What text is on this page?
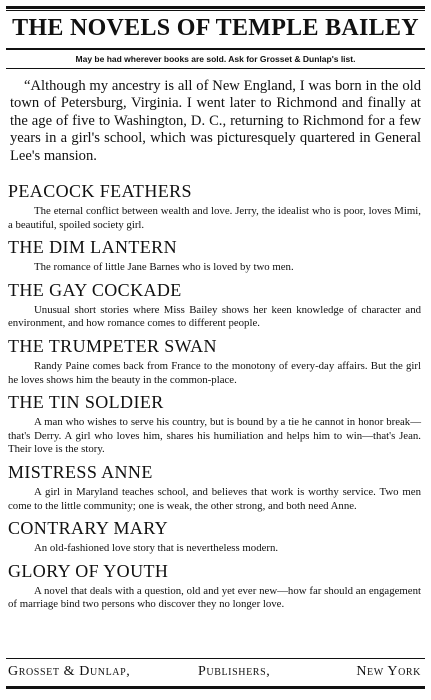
THE NOVELS OF TEMPLE BAILEY
May be had wherever books are sold. Ask for Grosset & Dunlap's list.

“Although my ancestry is all of New England, I was born in the old town of Petersburg, Virginia. I went later to Richmond and finally at the age of five to Washington, D. C., returning to Richmond for a few years in a girl's school, which was picturesquely quartered in General Lee's mansion.

PEACOCK FEATHERS
The eternal conflict between wealth and love. Jerry, the idealist who is poor, loves Mimi, a beautiful, spoiled society girl.
THE DIM LANTERN
The romance of little Jane Barnes who is loved by two men.
THE GAY COCKADE
Unusual short stories where Miss Bailey shows her keen knowledge of character and environment, and how romance comes to different people.
THE TRUMPETER SWAN
Randy Paine comes back from France to the monotony of every-day affairs. But the girl he loves shows him the beauty in the common-place.
THE TIN SOLDIER
A man who wishes to serve his country, but is bound by a tie he cannot in honor break—that's Derry. A girl who loves him, shares his humiliation and helps him to win—that's Jean. Their love is the story.
MISTRESS ANNE
A girl in Maryland teaches school, and believes that work is worthy service. Two men come to the little community; one is weak, the other strong, and both need Anne.
CONTRARY MARY
An old-fashioned love story that is nevertheless modern.
GLORY OF YOUTH
A novel that deals with a question, old and yet ever new—how far should an engagement of marriage bind two persons who discover they no longer love.
Grosset & Dunlap,	Publishers,	New York
